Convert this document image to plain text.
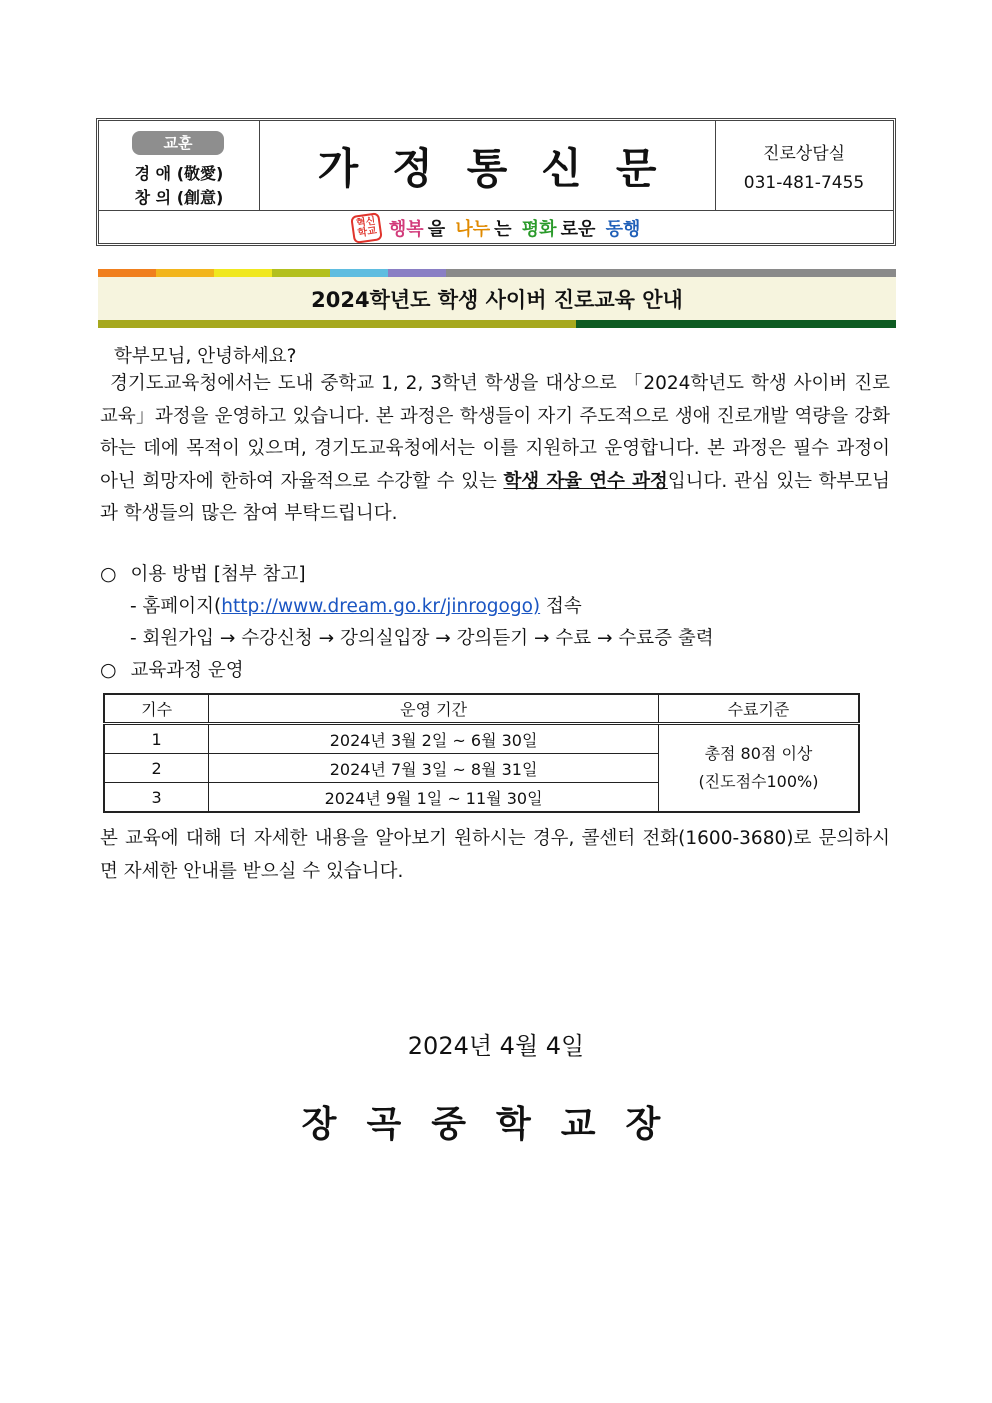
교훈
경 애 (敬愛)
창 의 (創意)
가정통신문	진로상담실
031-481-7455
혁신
학교 행복 을 나누 는 평화 로운 동행
2024학년도 학생 사이버 진로교육 안내
학부모님, 안녕하세요?
경기도교육청에서는 도내 중학교 1, 2, 3학년 학생을 대상으로 「2024학년도 학생 사이버 진로교육」과정을 운영하고 있습니다. 본 과정은 학생들이 자기 주도적으로 생애 진로개발 역량을 강화하는 데에 목적이 있으며, 경기도교육청에서는 이를 지원하고 운영합니다. 본 과정은 필수 과정이 아닌 희망자에 한하여 자율적으로 수강할 수 있는 학생 자율 연수 과정입니다. 관심 있는 학부모님과 학생들의 많은 참여 부탁드립니다.
○ 이용 방법 [첨부 참고]
- 홈페이지(http://www.dream.go.kr/jinrogogo) 접속
- 회원가입 → 수강신청 → 강의실입장 → 강의듣기 → 수료 → 수료증 출력
○ 교육과정 운영
기수	운영 기간	수료기준
1	2024년 3월 2일 ~ 6월 30일	총점 80점 이상
(진도점수100%)
2	2024년 7월 3일 ~ 8월 31일	
3	2024년 9월 1일 ~ 11월 30일	
본 교육에 대해 더 자세한 내용을 알아보기 원하시는 경우, 콜센터 전화(1600-3680)로 문의하시면 자세한 안내를 받으실 수 있습니다.
2024년 4월 4일
장곡중학교장
